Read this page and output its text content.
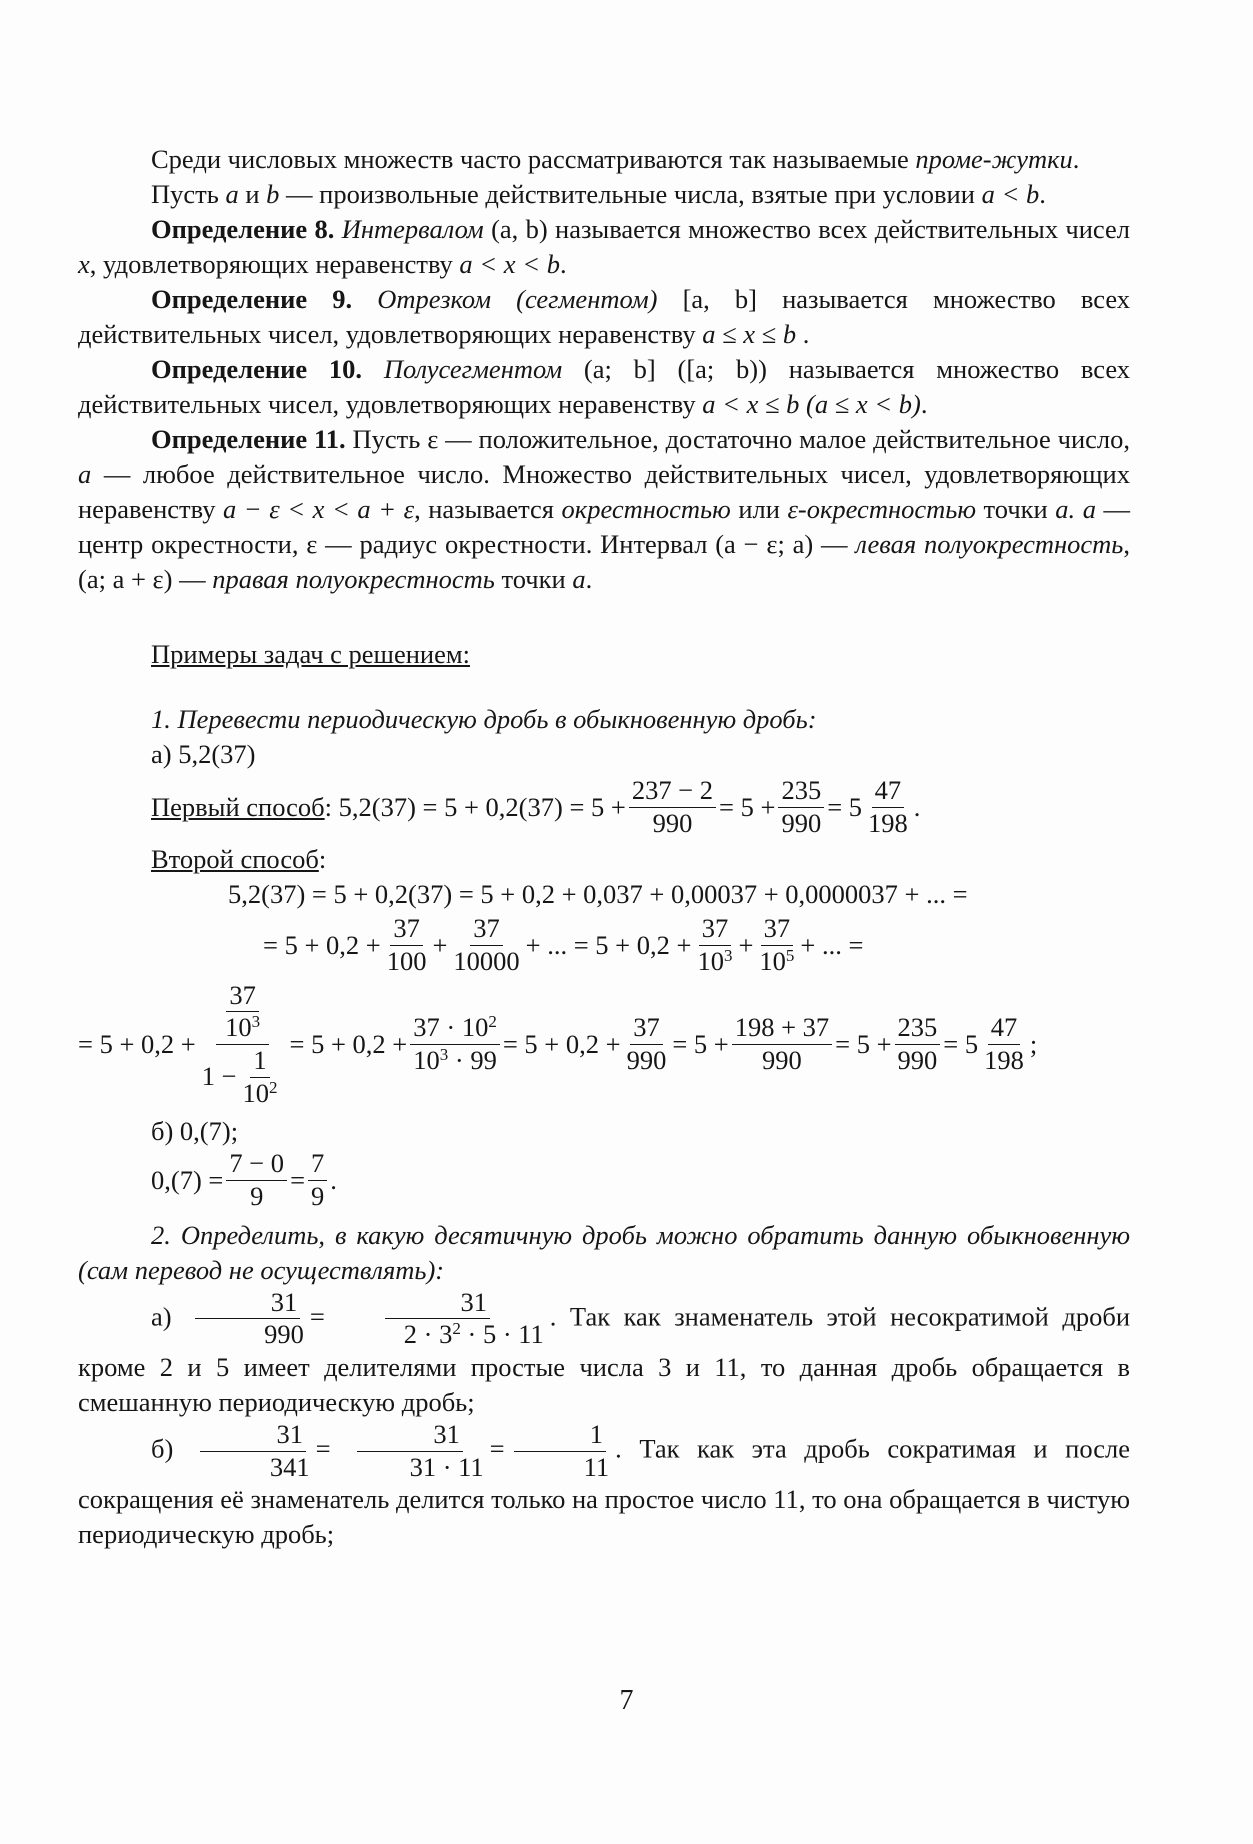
Среди числовых множеств часто рассматриваются так называемые проме-жутки.

Пусть a и b — произвольные действительные числа, взятые при условии a < b.

Определение 8. Интервалом (a, b) называется множество всех действительных чисел x, удовлетворяющих неравенству a < x < b.

Определение 9. Отрезком (сегментом) [a, b] называется множество всех действительных чисел, удовлетворяющих неравенству a ≤ x ≤ b .

Определение 10. Полусегментом (a; b] ([a; b)) называется множество всех действительных чисел, удовлетворяющих неравенству a < x ≤ b (a ≤ x < b).

Определение 11. Пусть ε — положительное, достаточно малое действительное число, a — любое действительное число. Множество действительных чисел, удовлетворяющих неравенству a − ε < x < a + ε, называется окрестностью или ε-окрестностью точки a. a — центр окрестности, ε — радиус окрестности. Интервал (a − ε; a) — левая полуокрестность, (a; a + ε) — правая полуокрестность точки a.

Примеры задач с решением:

1. Перевести периодическую дробь в обыкновенную дробь:

а) 5,2(37)

Первый способ :
$5,2(37) = 5 + 0,2(37) = 5 + \frac{237 - 2}{990} = 5 + \frac{235}{990} = 5 \frac{47}{198}$ .
Второй способ:
5,2(37) = 5 + 0,2(37) = 5 + 0,2 + 0,037 + 0,00037 + 0,0000037 + ... =
= $5 + 0,2 + \frac{37}{100} + \frac{37}{10000}$ + ... = $5 + 0,2 + \frac{37}{10^3} + \frac{37}{10^5}$ + ... =
= $5 + 0,2 + \frac{\frac{37}{10^3}}{1 - \frac{1}{10^2}} = 5 + 0,2 + \frac{37 \cdot 10^2}{10^3 \cdot 99} = 5 + 0,2 + \frac{37}{990} = 5 + \frac{198 + 37}{990} = 5 + \frac{235}{990} = 5 \frac{47}{198}$ ;

б) 0,(7);

$0,(7) = \frac{7 - 0}{9} = \frac{7}{9}$ .

2. Определить, в какую десятичную дробь можно обратить данную обыкновенную (сам перевод не осуществлять):

$а) \frac{31}{990} = \frac{31}{2 \cdot 3^2 \cdot 5 \cdot 11}$ . Так как знаменатель этой несократимой дроби кроме 2 и 5 имеет делителями простые числа 3 и 11, то данная дробь обращается в смешанную периодическую дробь;

$б) \frac{31}{341} = \frac{31}{31 \cdot 11} = \frac{1}{11}$ . Так как эта дробь сократимая и после сокращения её знаменатель делится только на простое число 11, то она обращается в чистую периодическую дробь;

7
